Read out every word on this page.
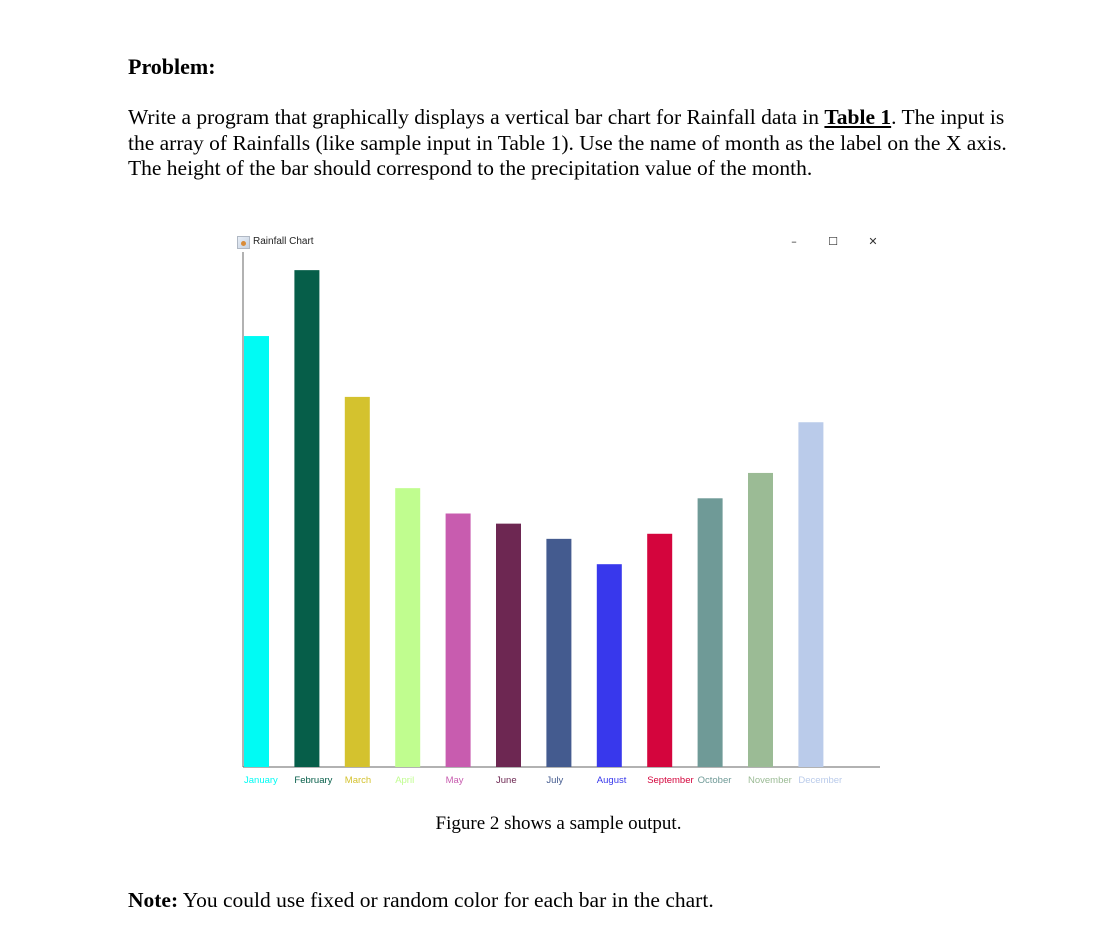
Problem:

Write a program that graphically displays a vertical bar chart for Rainfall data in Table 1. The input is the array of Rainfalls (like sample input in Table 1). Use the name of month as the label on the X axis. The height of the bar should correspond to the precipitation value of the month.

Rainfall Chart	–	☐	✕
January February March	April	May	June	July	August September October November December
Figure 2 shows a sample output.

Note: You could use fixed or random color for each bar in the chart.
